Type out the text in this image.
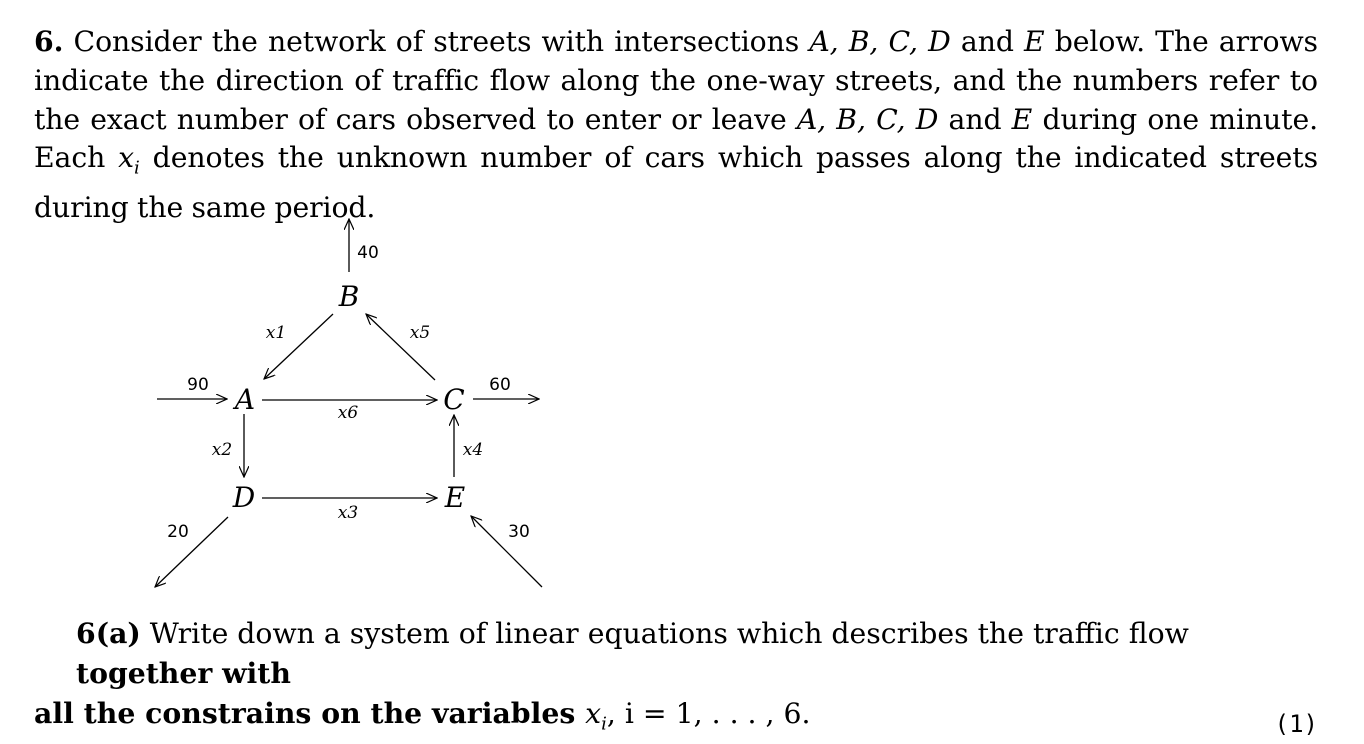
6. Consider the network of streets with intersections A, B, C, D and E below. The arrows indicate the direction of traffic flow along the one-way streets, and the numbers refer to the exact number of cars observed to enter or leave A, B, C, D and E during one minute. Each $x_i$ denotes the unknown number of cars which passes along the indicated streets during the same period.
B
A	C
D	E
x1	x5
x6
x2	x4
x3
40
90	60
20	30
6(a) Write down a system of linear equations which describes the traffic flow together with
all the constrains on the variables $x_i$, i = 1, . . . , 6.	(1)
